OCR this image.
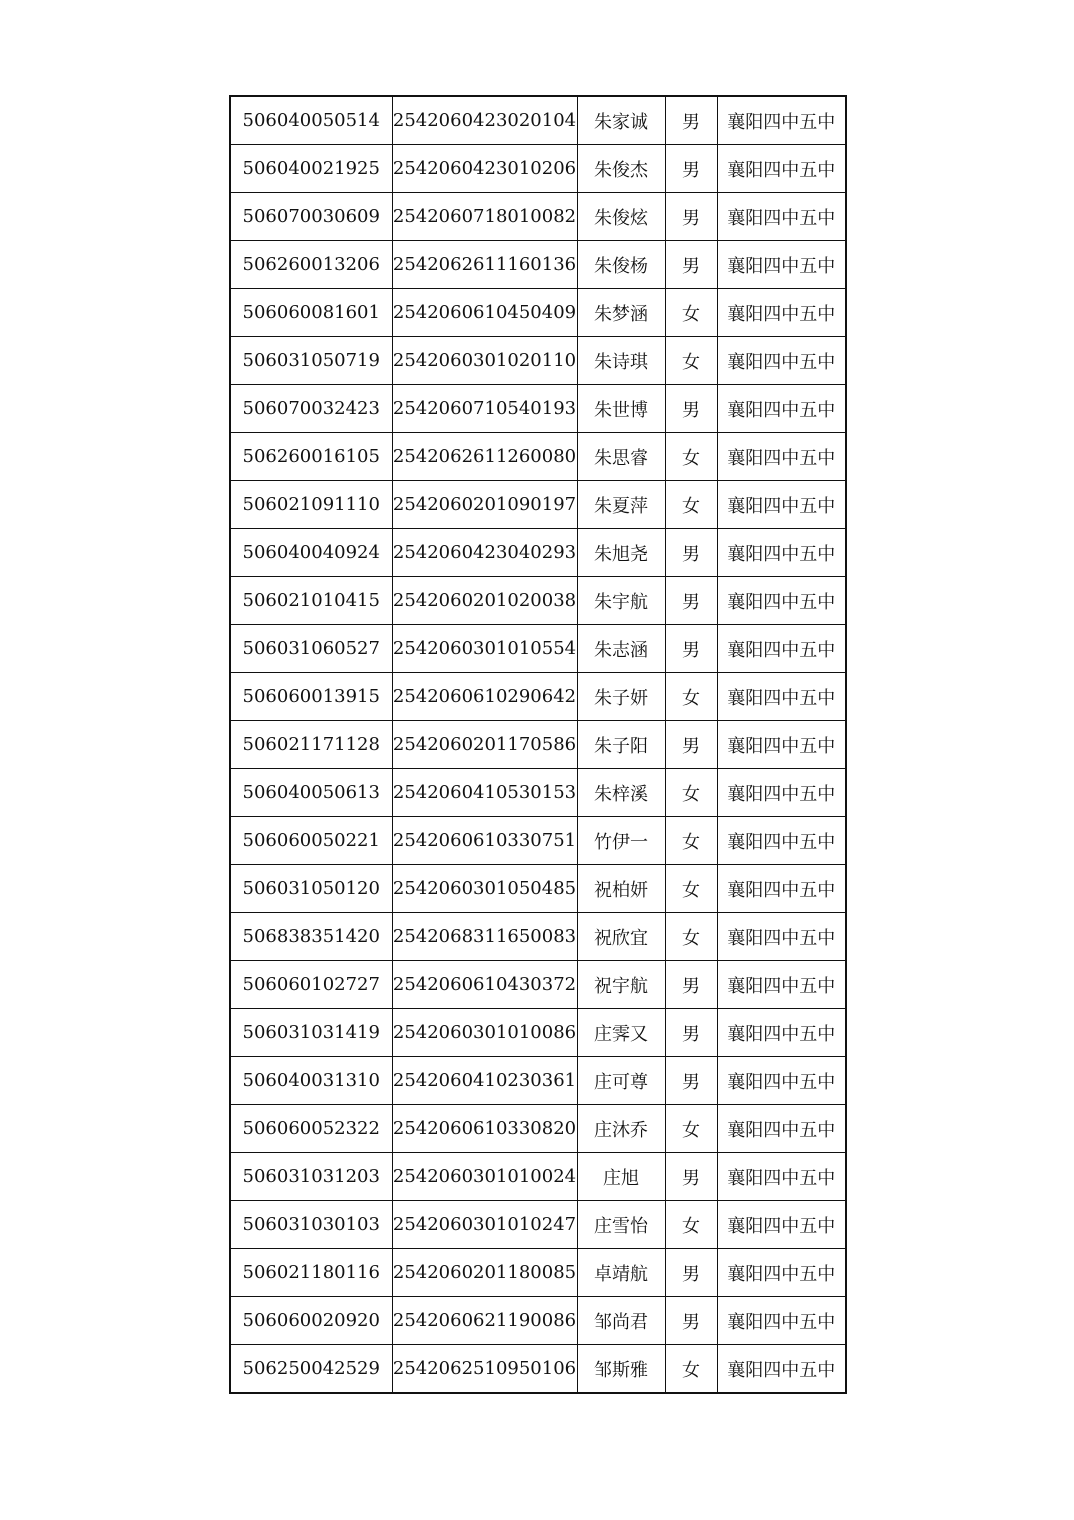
506040050514	2542060423020104	朱家诚	男	襄阳四中五中
506040021925	2542060423010206	朱俊杰	男	襄阳四中五中
506070030609	2542060718010082	朱俊炫	男	襄阳四中五中
506260013206	2542062611160136	朱俊杨	男	襄阳四中五中
506060081601	2542060610450409	朱梦涵	女	襄阳四中五中
506031050719	2542060301020110	朱诗琪	女	襄阳四中五中
506070032423	2542060710540193	朱世博	男	襄阳四中五中
506260016105	2542062611260080	朱思睿	女	襄阳四中五中
506021091110	2542060201090197	朱夏萍	女	襄阳四中五中
506040040924	2542060423040293	朱旭尧	男	襄阳四中五中
506021010415	2542060201020038	朱宇航	男	襄阳四中五中
506031060527	2542060301010554	朱志涵	男	襄阳四中五中
506060013915	2542060610290642	朱子妍	女	襄阳四中五中
506021171128	2542060201170586	朱子阳	男	襄阳四中五中
506040050613	2542060410530153	朱梓溪	女	襄阳四中五中
506060050221	2542060610330751	竹伊一	女	襄阳四中五中
506031050120	2542060301050485	祝柏妍	女	襄阳四中五中
506838351420	2542068311650083	祝欣宜	女	襄阳四中五中
506060102727	2542060610430372	祝宇航	男	襄阳四中五中
506031031419	2542060301010086	庄霁又	男	襄阳四中五中
506040031310	2542060410230361	庄可尊	男	襄阳四中五中
506060052322	2542060610330820	庄沐乔	女	襄阳四中五中
506031031203	2542060301010024	庄旭	男	襄阳四中五中
506031030103	2542060301010247	庄雪怡	女	襄阳四中五中
506021180116	2542060201180085	卓靖航	男	襄阳四中五中
506060020920	2542060621190086	邹尚君	男	襄阳四中五中
506250042529	2542062510950106	邹斯雅	女	襄阳四中五中
